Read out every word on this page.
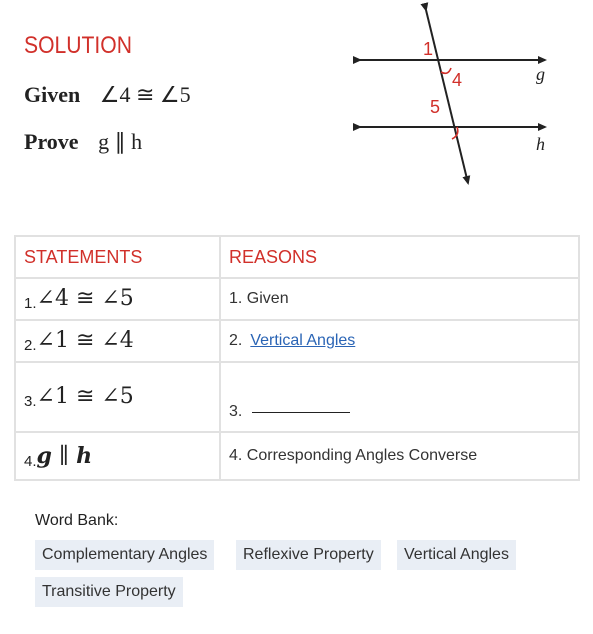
SOLUTION
Given ∠4 ≅ ∠5
Prove g ∥ h
1
4
5
g
h
STATEMENTS	REASONS
1.∠4 ≅ ∠5	1. Given
2.∠1 ≅ ∠4	2. Vertical Angles
3.∠1 ≅ ∠5	3.
4.g ∥ h	4. Corresponding Angles Converse
Word Bank:
Complementary Angles	Reflexive Property	Vertical Angles
Transitive Property
